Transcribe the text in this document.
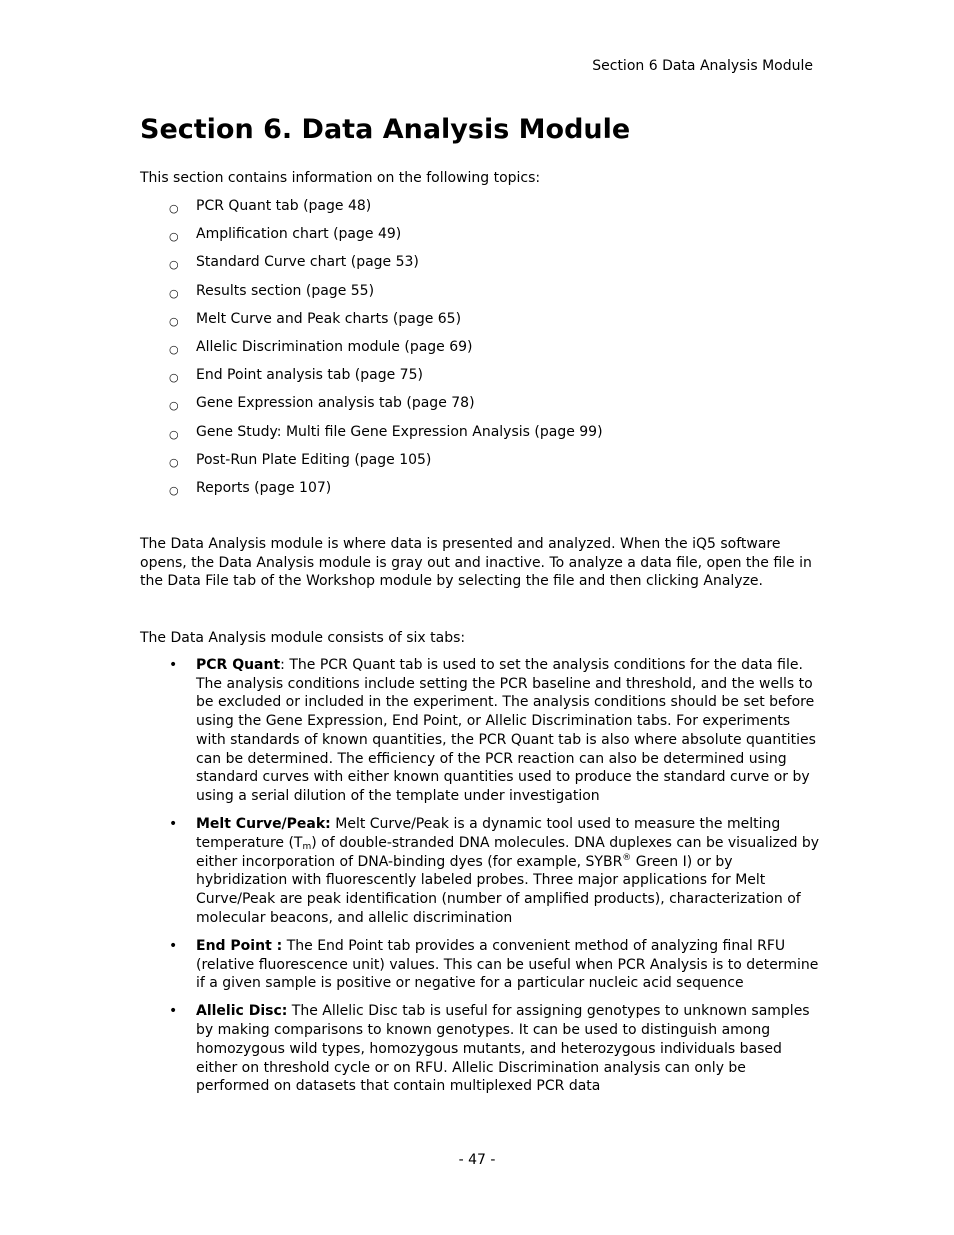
Section 6 Data Analysis Module
Section 6. Data Analysis Module

This section contains information on the following topics:

○ PCR Quant tab (page 48)
○ Amplification chart (page 49)
○ Standard Curve chart (page 53)
○ Results section (page 55)
○ Melt Curve and Peak charts (page 65)
○ Allelic Discrimination module (page 69)
○ End Point analysis tab (page 75)
○ Gene Expression analysis tab (page 78)
○ Gene Study: Multi file Gene Expression Analysis (page 99)
○ Post-Run Plate Editing (page 105)
○ Reports (page 107)

The Data Analysis module is where data is presented and analyzed. When the iQ5 software opens, the Data Analysis module is gray out and inactive. To analyze a data file, open the file in the Data File tab of the Workshop module by selecting the file and then clicking Analyze.

The Data Analysis module consists of six tabs:

• PCR Quant: The PCR Quant tab is used to set the analysis conditions for the data file. The analysis conditions include setting the PCR baseline and threshold, and the wells to be excluded or included in the experiment. The analysis conditions should be set before using the Gene Expression, End Point, or Allelic Discrimination tabs. For experiments with standards of known quantities, the PCR Quant tab is also where absolute quantities can be determined. The efficiency of the PCR reaction can also be determined using standard curves with either known quantities used to produce the standard curve or by using a serial dilution of the template under investigation
• Melt Curve/Peak: Melt Curve/Peak is a dynamic tool used to measure the melting temperature $(T_m)$ of double-stranded DNA molecules. DNA duplexes can be visualized by either incorporation of DNA-binding dyes (for example, SYBR® Green I) or by hybridization with fluorescently labeled probes. Three major applications for Melt Curve/Peak are peak identification (number of amplified products), characterization of molecular beacons, and allelic discrimination
• End Point : The End Point tab provides a convenient method of analyzing final RFU (relative fluorescence unit) values. This can be useful when PCR Analysis is to determine if a given sample is positive or negative for a particular nucleic acid sequence
• Allelic Disc: The Allelic Disc tab is useful for assigning genotypes to unknown samples by making comparisons to known genotypes. It can be used to distinguish among homozygous wild types, homozygous mutants, and heterozygous individuals based either on threshold cycle or on RFU. Allelic Discrimination analysis can only be performed on datasets that contain multiplexed PCR data
- 47 -
